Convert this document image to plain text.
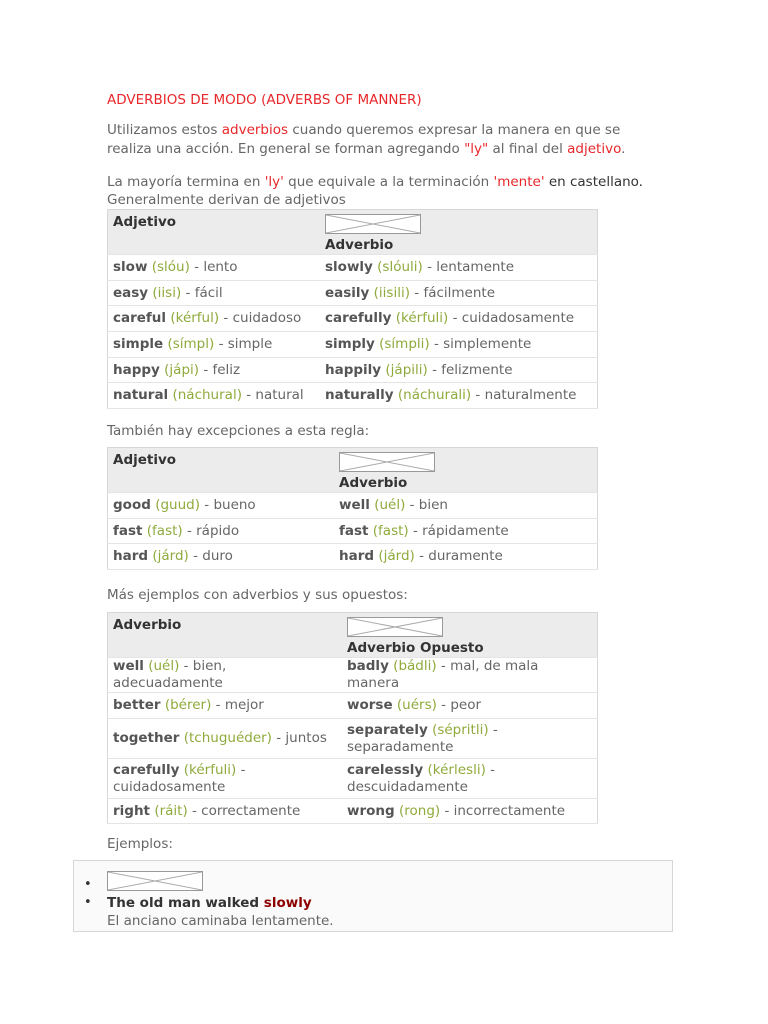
ADVERBIOS DE MODO (ADVERBS OF MANNER)
Utilizamos estos adverbios cuando queremos expresar la manera en que se realiza una acción. En general se forman agregando "ly" al final del adjetivo.
La mayoría termina en 'ly' que equivale a la terminación 'mente' en castellano.
Generalmente derivan de adjetivos
Adjetivo	Adverbio
slow (slóu) - lento	slowly (slóuli) - lentamente
easy (iisi) - fácil	easily (iisili) - fácilmente
careful (kérful) - cuidadoso	carefully (kérfuli) - cuidadosamente
simple (símpl) - simple	simply (símpli) - simplemente
happy (jápi) - feliz	happily (jápili) - felizmente
natural (náchural) - natural	naturally (náchurali) - naturalmente
También hay excepciones a esta regla:
Adjetivo	Adverbio
good (guud) - bueno	well (uél) - bien
fast (fast) - rápido	fast (fast) - rápidamente
hard (járd) - duro	hard (járd) - duramente
Más ejemplos con adverbios y sus opuestos:
Adverbio	Adverbio Opuesto
well (uél) - bien, adecuadamente	badly (bádli) - mal, de mala manera
better (bérer) - mejor	worse (uérs) - peor
together (tchuguéder) - juntos	separately (sépritli) - separadamente
carefully (kérfuli) - cuidadosamente	carelessly (kérlesli) - descuidadamente
right (ráit) - correctamente	wrong (rong) - incorrectamente
Ejemplos:
•
• The old man walked slowly
El anciano caminaba lentamente.
